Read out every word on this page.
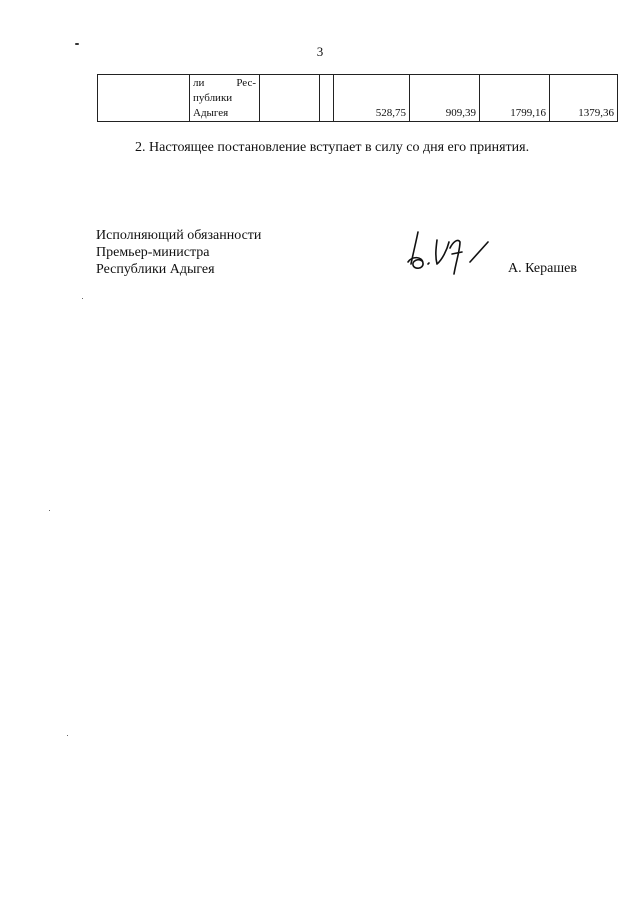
3

ли Рес-
публики
Адыгея			528,75	909,39	1799,16	1379,36
2. Настоящее постановление вступает в силу со дня его принятия.
Исполняющий обязанности
Премьер-министра
Республики Адыгея	А. Керашев
